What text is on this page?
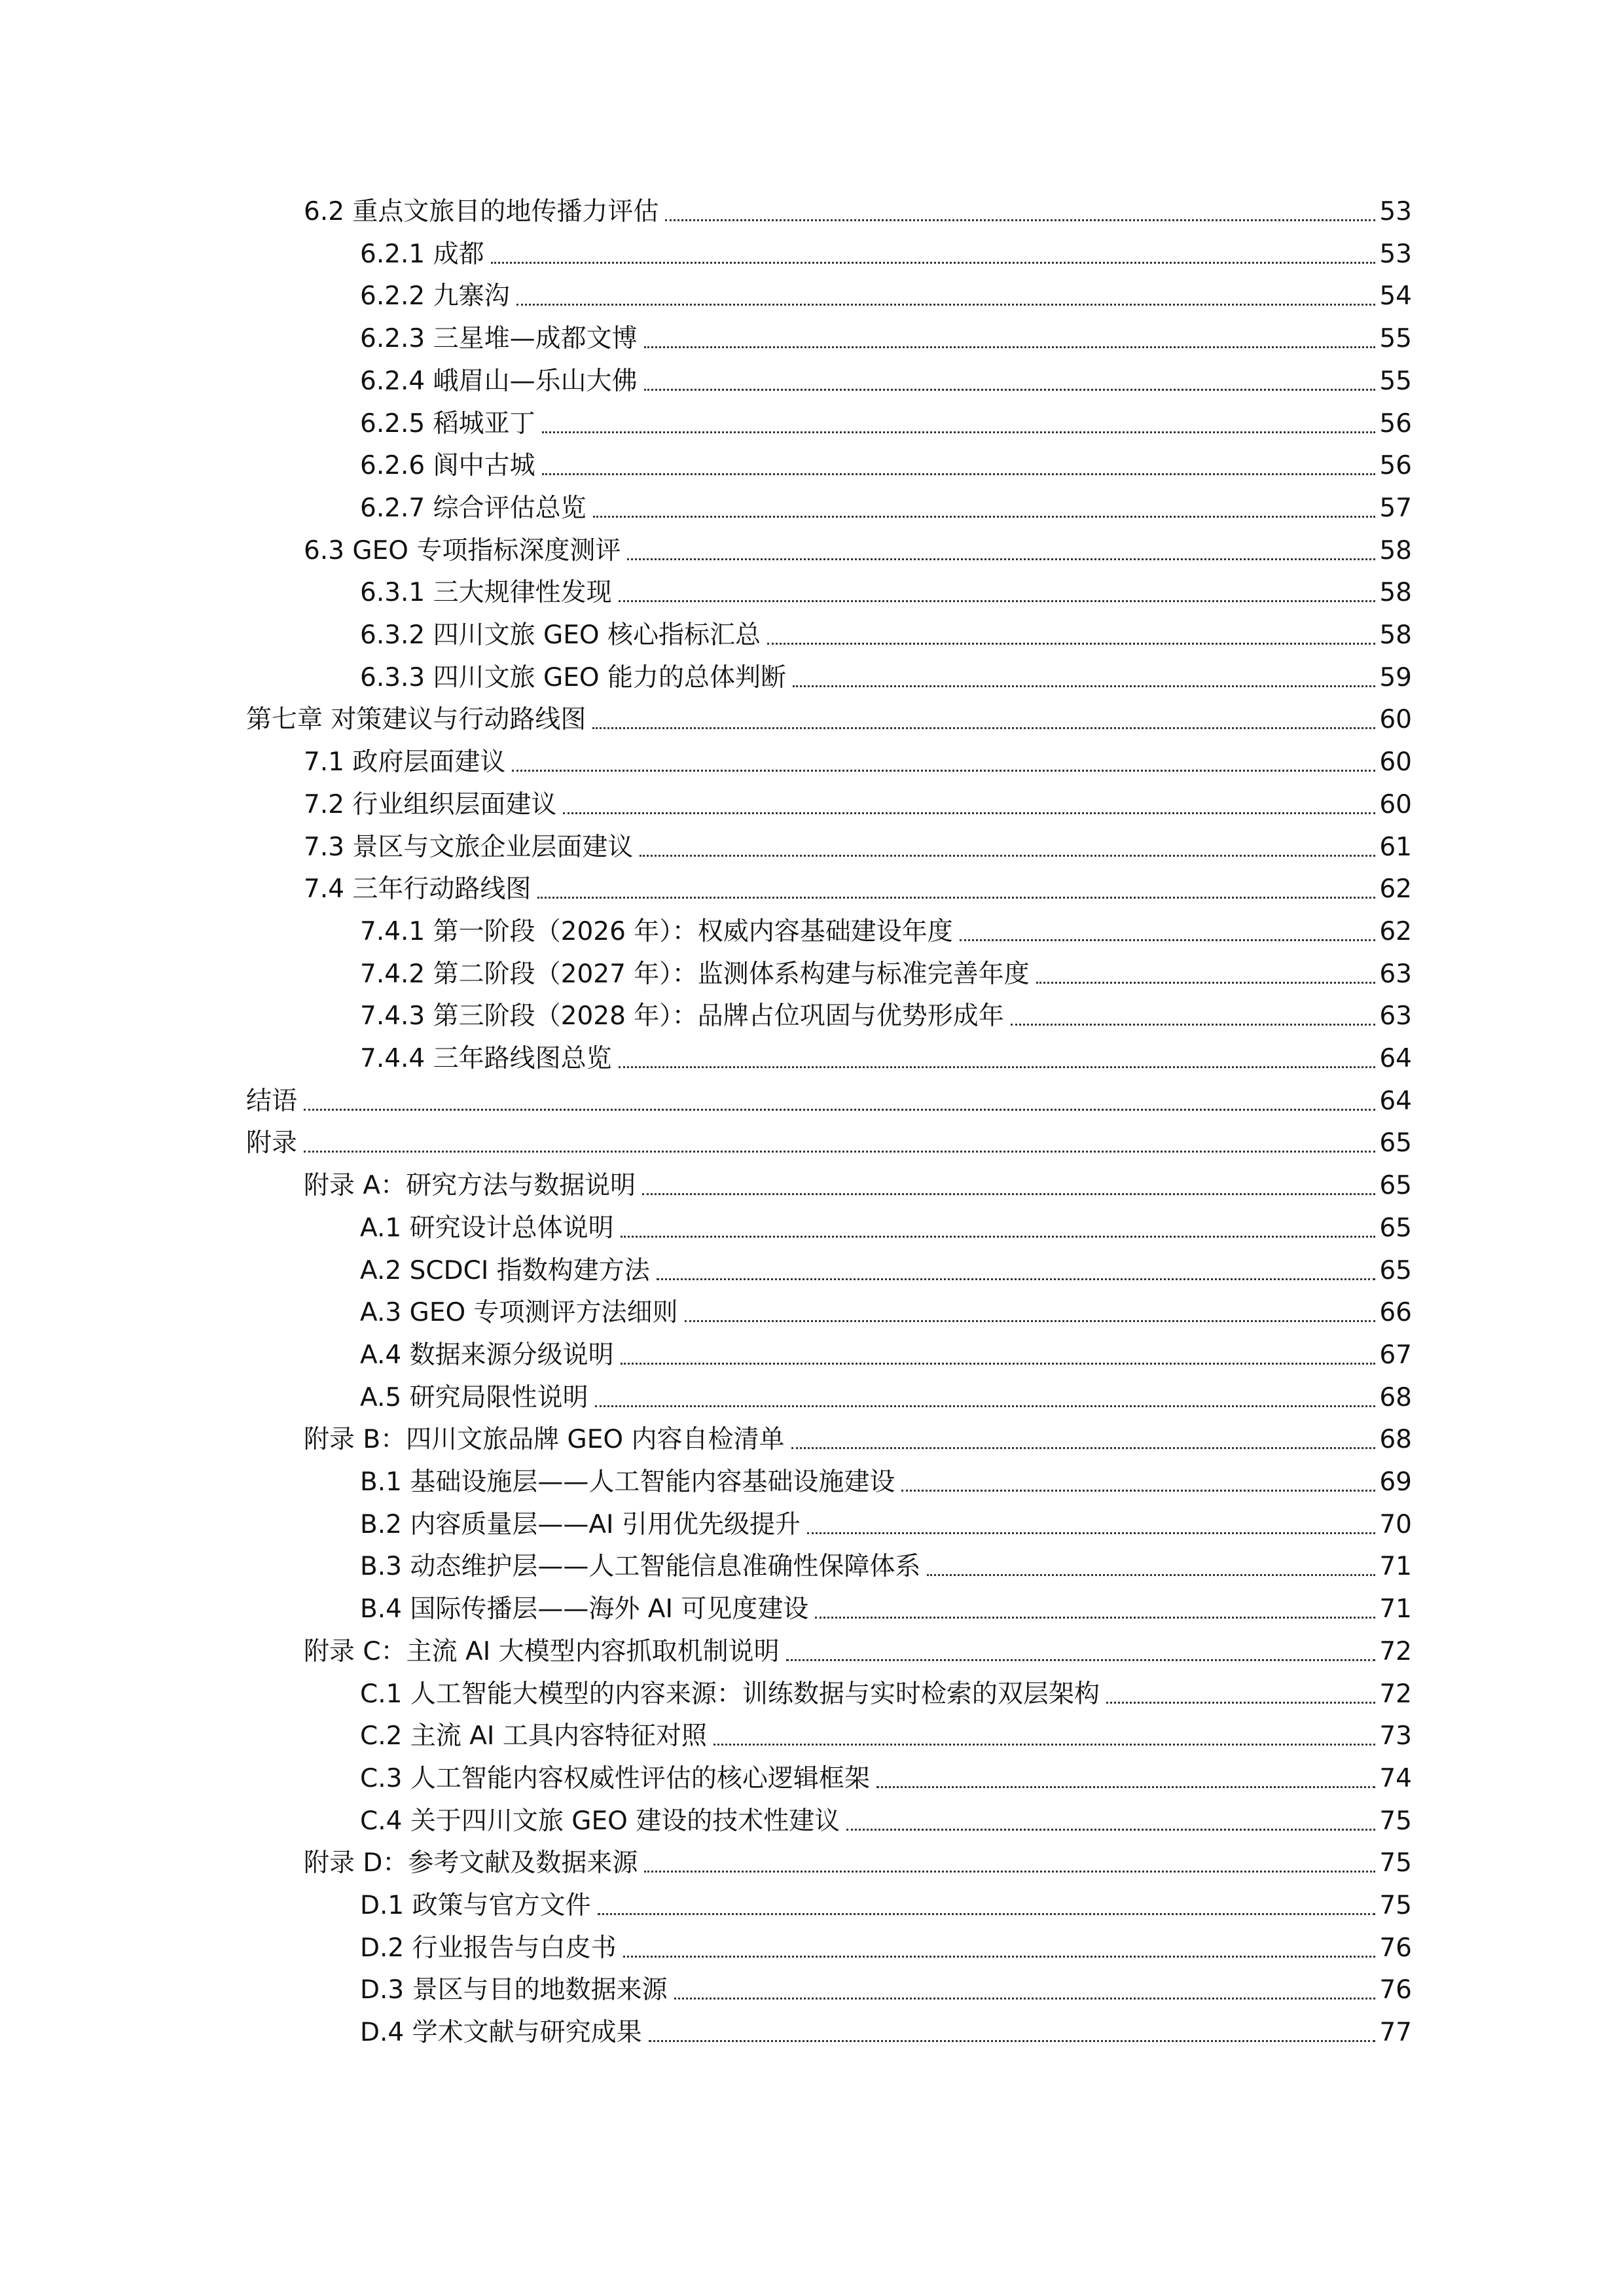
6.2 重点文旅目的地传播力评估	53
6.2.1 成都	53
6.2.2 九寨沟	54
6.2.3 三星堆—成都文博	55
6.2.4 峨眉山—乐山大佛	55
6.2.5 稻城亚丁	56
6.2.6 阆中古城	56
6.2.7 综合评估总览	57
6.3 GEO 专项指标深度测评	58
6.3.1 三大规律性发现	58
6.3.2 四川文旅 GEO 核心指标汇总	58
6.3.3 四川文旅 GEO 能力的总体判断	59
第七章 对策建议与行动路线图	60
7.1 政府层面建议	60
7.2 行业组织层面建议	60
7.3 景区与文旅企业层面建议	61
7.4 三年行动路线图	62
7.4.1 第一阶段（2026 年）：权威内容基础建设年度	62
7.4.2 第二阶段（2027 年）：监测体系构建与标准完善年度	63
7.4.3 第三阶段（2028 年）：品牌占位巩固与优势形成年	63
7.4.4 三年路线图总览	64
结语	64
附录	65
附录 A：研究方法与数据说明	65
A.1 研究设计总体说明	65
A.2 SCDCI 指数构建方法	65
A.3 GEO 专项测评方法细则	66
A.4 数据来源分级说明	67
A.5 研究局限性说明	68
附录 B：四川文旅品牌 GEO 内容自检清单	68
B.1 基础设施层——人工智能内容基础设施建设	69
B.2 内容质量层——AI 引用优先级提升	70
B.3 动态维护层——人工智能信息准确性保障体系	71
B.4 国际传播层——海外 AI 可见度建设	71
附录 C：主流 AI 大模型内容抓取机制说明	72
C.1 人工智能大模型的内容来源：训练数据与实时检索的双层架构	72
C.2 主流 AI 工具内容特征对照	73
C.3 人工智能内容权威性评估的核心逻辑框架	74
C.4 关于四川文旅 GEO 建设的技术性建议	75
附录 D：参考文献及数据来源	75
D.1 政策与官方文件	75
D.2 行业报告与白皮书	76
D.3 景区与目的地数据来源	76
D.4 学术文献与研究成果	77
